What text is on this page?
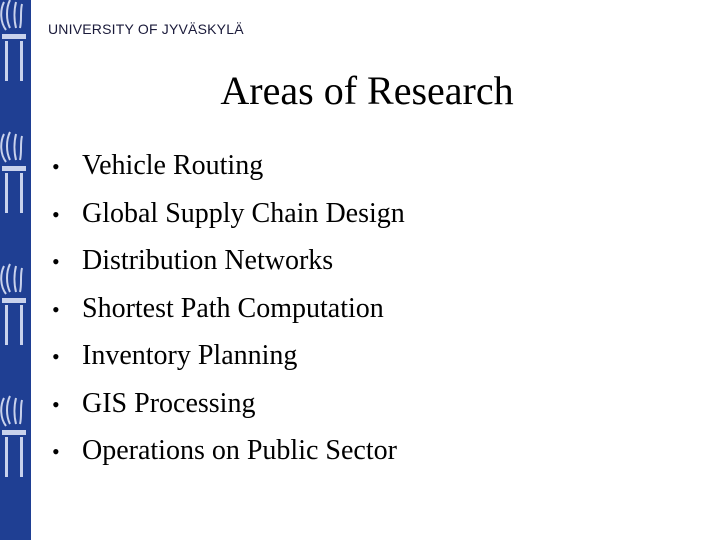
UNIVERSITY OF JYVÄSKYLÄ
Areas of Research
• Vehicle Routing
• Global Supply Chain Design
• Distribution Networks
• Shortest Path Computation
• Inventory Planning
• GIS Processing
• Operations on Public Sector
